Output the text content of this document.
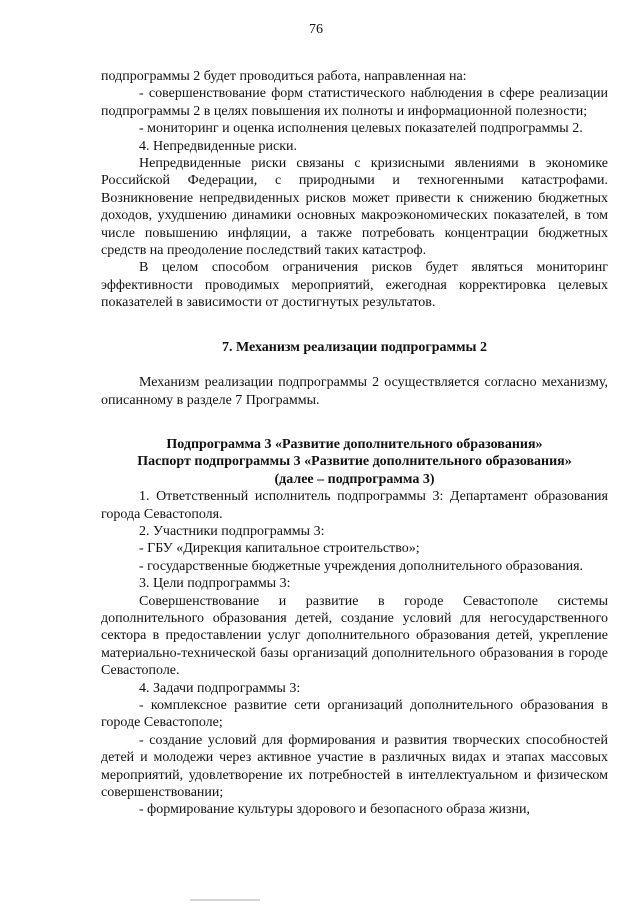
76

подпрограммы 2 будет проводиться работа, направленная на:

- совершенствование форм статистического наблюдения в сфере реализации подпрограммы 2 в целях повышения их полноты и информационной полезности;

- мониторинг и оценка исполнения целевых показателей подпрограммы 2.

4. Непредвиденные риски.

Непредвиденные риски связаны с кризисными явлениями в экономике Российской Федерации, с природными и техногенными катастрофами. Возникновение непредвиденных рисков может привести к снижению бюджетных доходов, ухудшению динамики основных макроэкономических показателей, в том числе повышению инфляции, а также потребовать концентрации бюджетных средств на преодоление последствий таких катастроф.

В целом способом ограничения рисков будет являться мониторинг эффективности проводимых мероприятий, ежегодная корректировка целевых показателей в зависимости от достигнутых результатов.

7. Механизм реализации подпрограммы 2

Механизм реализации подпрограммы 2 осуществляется согласно механизму, описанному в разделе 7 Программы.

Подпрограмма 3 «Развитие дополнительного образования»

Паспорт подпрограммы 3 «Развитие дополнительного образования»

(далее – подпрограмма 3)

1. Ответственный исполнитель подпрограммы 3: Департамент образования города Севастополя.

2. Участники подпрограммы 3:

- ГБУ «Дирекция капитальное строительство»;

- государственные бюджетные учреждения дополнительного образования.

3. Цели подпрограммы 3:

Совершенствование и развитие в городе Севастополе системы дополнительного образования детей, создание условий для негосударственного сектора в предоставлении услуг дополнительного образования детей, укрепление материально-технической базы организаций дополнительного образования в городе Севастополе.

4. Задачи подпрограммы 3:

- комплексное развитие сети организаций дополнительного образования в городе Севастополе;

- создание условий для формирования и развития творческих способностей детей и молодежи через активное участие в различных видах и этапах массовых мероприятий, удовлетворение их потребностей в интеллектуальном и физическом совершенствовании;

- формирование культуры здорового и безопасного образа жизни,
